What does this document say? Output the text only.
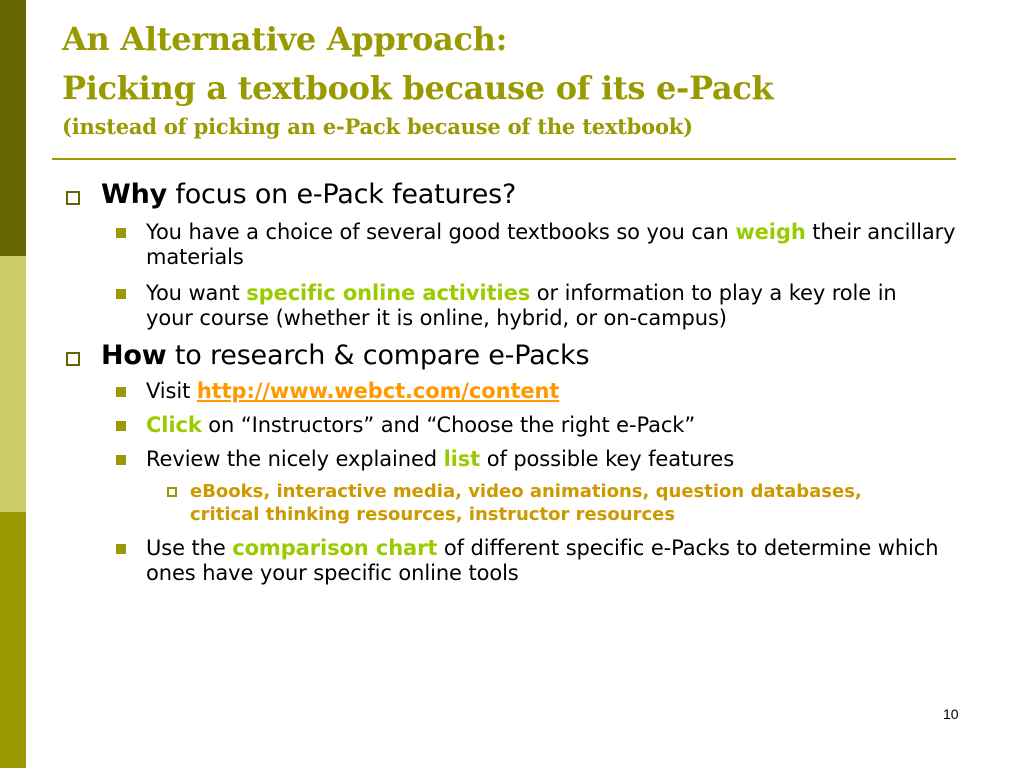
An Alternative Approach:
Picking a textbook because of its e-Pack
(instead of picking an e-Pack because of the textbook)
Why focus on e-Pack features?
You have a choice of several good textbooks so you can weigh their ancillary materials
You want specific online activities or information to play a key role in your course (whether it is online, hybrid, or on-campus)
How to research & compare e-Packs
Visit http://www.webct.com/content
Click on “Instructors” and “Choose the right e-Pack”
Review the nicely explained list of possible key features
eBooks, interactive media, video animations, question databases, critical thinking resources, instructor resources
Use the comparison chart of different specific e-Packs to determine which ones have your specific online tools
10
